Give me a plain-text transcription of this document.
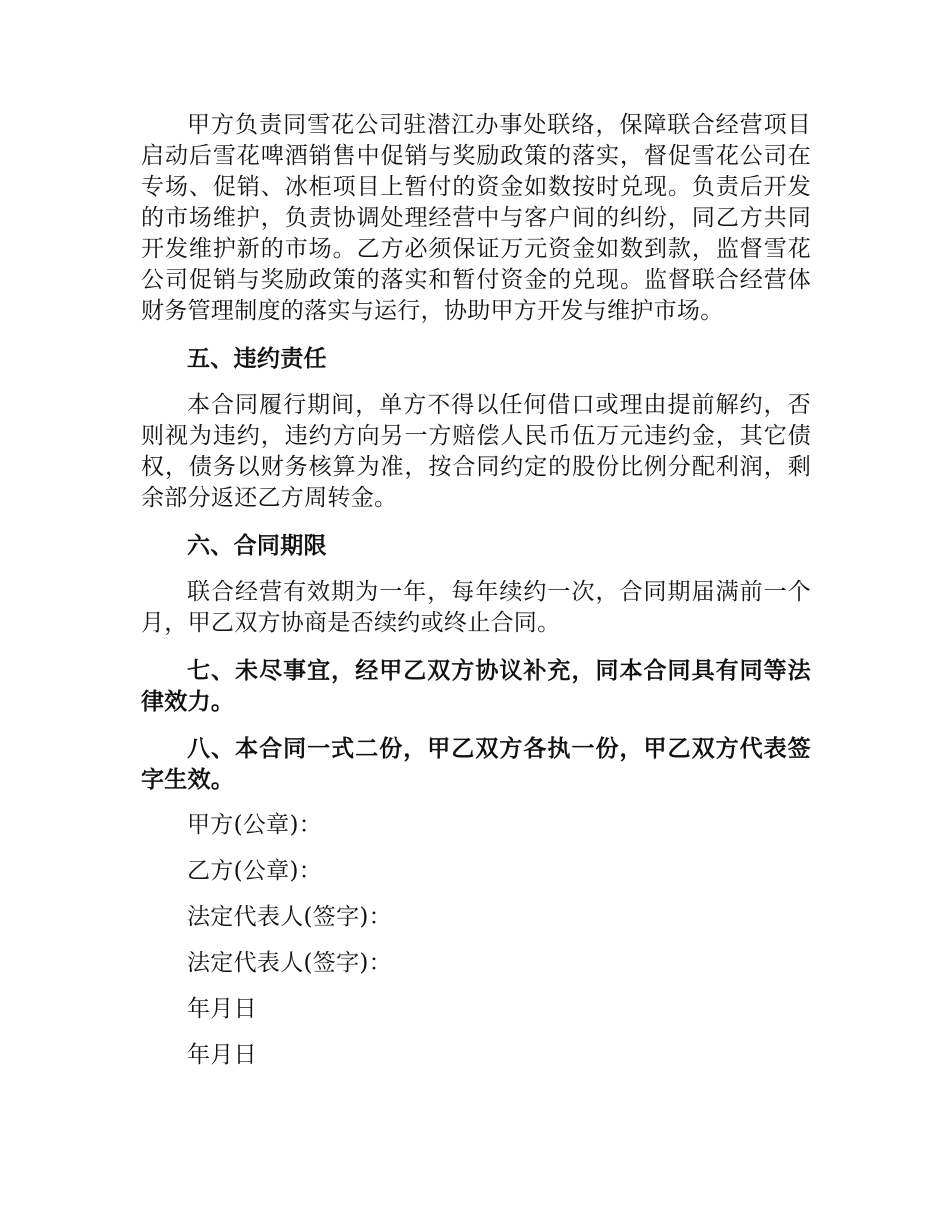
甲方负责同雪花公司驻潜江办事处联络，保障联合经营项目启动后雪花啤酒销售中促销与奖励政策的落实，督促雪花公司在专场、促销、冰柜项目上暂付的资金如数按时兑现。负责后开发的市场维护，负责协调处理经营中与客户间的纠纷，同乙方共同开发维护新的市场。乙方必须保证万元资金如数到款，监督雪花公司促销与奖励政策的落实和暂付资金的兑现。监督联合经营体财务管理制度的落实与运行，协助甲方开发与维护市场。

五、违约责任

本合同履行期间，单方不得以任何借口或理由提前解约，否则视为违约，违约方向另一方赔偿人民币伍万元违约金，其它债权，债务以财务核算为准，按合同约定的股份比例分配利润，剩余部分返还乙方周转金。

六、合同期限

联合经营有效期为一年，每年续约一次，合同期届满前一个月，甲乙双方协商是否续约或终止合同。

七、未尽事宜，经甲乙双方协议补充，同本合同具有同等法律效力。

八、本合同一式二份，甲乙双方各执一份，甲乙双方代表签字生效。

甲方(公章)：

乙方(公章)：

法定代表人(签字)：

法定代表人(签字)：

年月日

年月日
